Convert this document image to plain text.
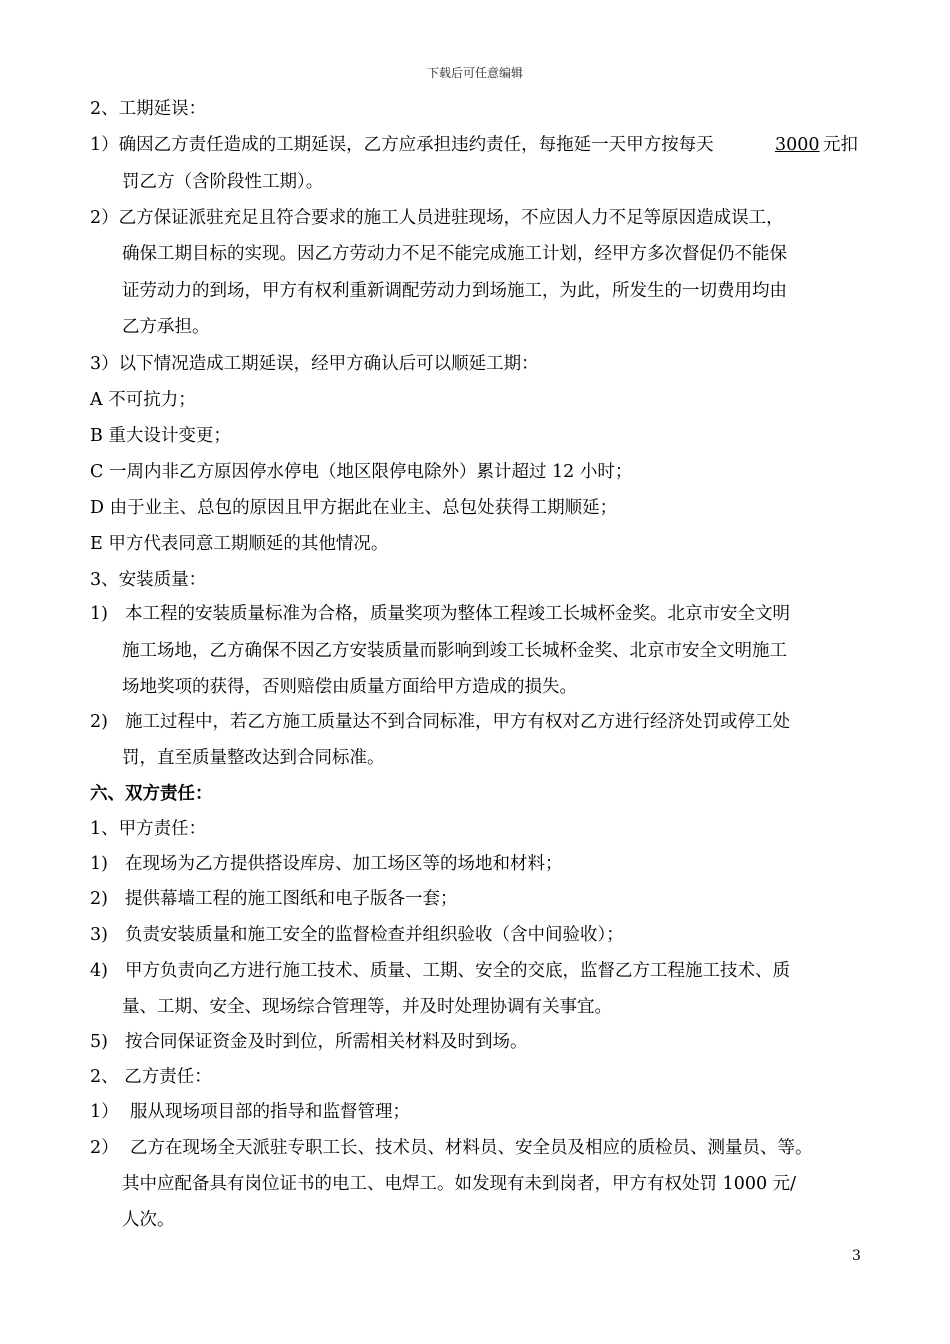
下载后可任意编辑
2、工期延误：
1）确因乙方责任造成的工期延误，乙方应承担违约责任，每拖延一天甲方按每天	3000 元扣
罚乙方（含阶段性工期）。
2）乙方保证派驻充足且符合要求的施工人员进驻现场，不应因人力不足等原因造成误工，
确保工期目标的实现。因乙方劳动力不足不能完成施工计划，经甲方多次督促仍不能保
证劳动力的到场，甲方有权利重新调配劳动力到场施工，为此，所发生的一切费用均由
乙方承担。
3）以下情况造成工期延误，经甲方确认后可以顺延工期：
A 不可抗力；
B 重大设计变更；
C 一周内非乙方原因停水停电（地区限停电除外）累计超过 12 小时；
D 由于业主、总包的原因且甲方据此在业主、总包处获得工期顺延；
E 甲方代表同意工期顺延的其他情况。
3、安装质量：
1) 本工程的安装质量标准为合格，质量奖项为整体工程竣工长城杯金奖。北京市安全文明
施工场地，乙方确保不因乙方安装质量而影响到竣工长城杯金奖、北京市安全文明施工
场地奖项的获得，否则赔偿由质量方面给甲方造成的损失。
2) 施工过程中，若乙方施工质量达不到合同标准，甲方有权对乙方进行经济处罚或停工处
罚，直至质量整改达到合同标准。
六、双方责任：
1、甲方责任：
1) 在现场为乙方提供搭设库房、加工场区等的场地和材料；
2) 提供幕墙工程的施工图纸和电子版各一套；
3) 负责安装质量和施工安全的监督检查并组织验收（含中间验收）；
4) 甲方负责向乙方进行施工技术、质量、工期、安全的交底，监督乙方工程施工技术、质
量、工期、安全、现场综合管理等，并及时处理协调有关事宜。
5) 按合同保证资金及时到位，所需相关材料及时到场。
2、 乙方责任：
1） 服从现场项目部的指导和监督管理；
2） 乙方在现场全天派驻专职工长、技术员、材料员、安全员及相应的质检员、测量员、等。
其中应配备具有岗位证书的电工、电焊工。如发现有未到岗者，甲方有权处罚 1000 元/
人次。
3
